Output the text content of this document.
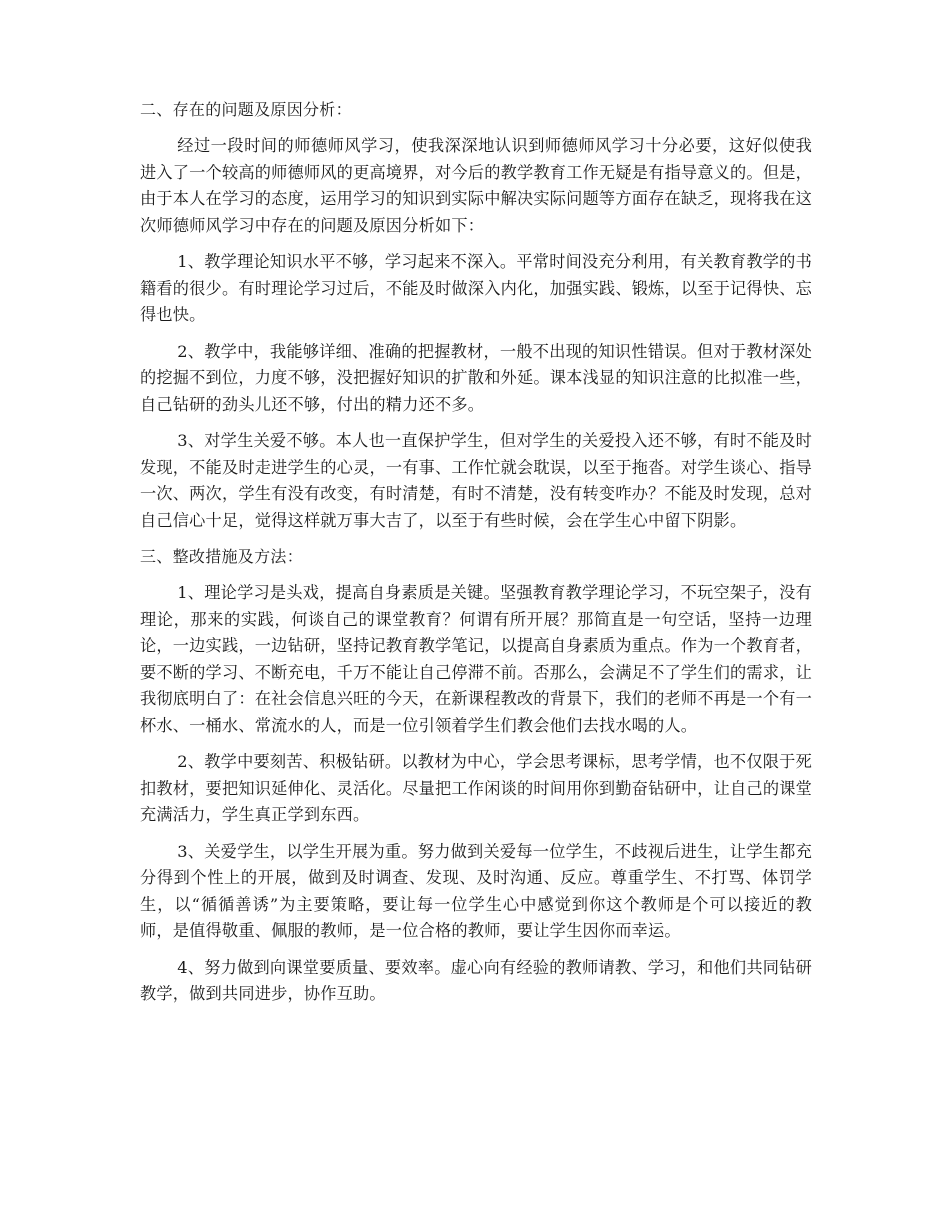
二、存在的问题及原因分析：

经过一段时间的师德师风学习，使我深深地认识到师德师风学习十分必要，这好似使我进入了一个较高的师德师风的更高境界，对今后的教学教育工作无疑是有指导意义的。但是，由于本人在学习的态度，运用学习的知识到实际中解决实际问题等方面存在缺乏，现将我在这次师德师风学习中存在的问题及原因分析如下：

1、教学理论知识水平不够，学习起来不深入。平常时间没充分利用，有关教育教学的书籍看的很少。有时理论学习过后，不能及时做深入内化，加强实践、锻炼，以至于记得快、忘得也快。

2、教学中，我能够详细、准确的把握教材，一般不出现的知识性错误。但对于教材深处的挖掘不到位，力度不够，没把握好知识的扩散和外延。课本浅显的知识注意的比拟准一些，自己钻研的劲头儿还不够，付出的精力还不多。

3、对学生关爱不够。本人也一直保护学生，但对学生的关爱投入还不够，有时不能及时发现，不能及时走进学生的心灵，一有事、工作忙就会耽误，以至于拖沓。对学生谈心、指导一次、两次，学生有没有改变，有时清楚，有时不清楚，没有转变咋办？不能及时发现，总对自己信心十足，觉得这样就万事大吉了，以至于有些时候，会在学生心中留下阴影。

三、整改措施及方法：

1、理论学习是头戏，提高自身素质是关键。坚强教育教学理论学习，不玩空架子，没有理论，那来的实践，何谈自己的课堂教育？何谓有所开展？那简直是一句空话，坚持一边理论，一边实践，一边钻研，坚持记教育教学笔记，以提高自身素质为重点。作为一个教育者，要不断的学习、不断充电，千万不能让自己停滞不前。否那么，会满足不了学生们的需求，让我彻底明白了：在社会信息兴旺的今天，在新课程教改的背景下，我们的老师不再是一个有一杯水、一桶水、常流水的人，而是一位引领着学生们教会他们去找水喝的人。

2、教学中要刻苦、积极钻研。以教材为中心，学会思考课标，思考学情，也不仅限于死扣教材，要把知识延伸化、灵活化。尽量把工作闲谈的时间用你到勤奋钻研中，让自己的课堂充满活力，学生真正学到东西。

3、关爱学生，以学生开展为重。努力做到关爱每一位学生，不歧视后进生，让学生都充分得到个性上的开展，做到及时调查、发现、及时沟通、反应。尊重学生、不打骂、体罚学生，以“循循善诱”为主要策略，要让每一位学生心中感觉到你这个教师是个可以接近的教师，是值得敬重、佩服的教师，是一位合格的教师，要让学生因你而幸运。

4、努力做到向课堂要质量、要效率。虚心向有经验的教师请教、学习，和他们共同钻研教学，做到共同进步，协作互助。
